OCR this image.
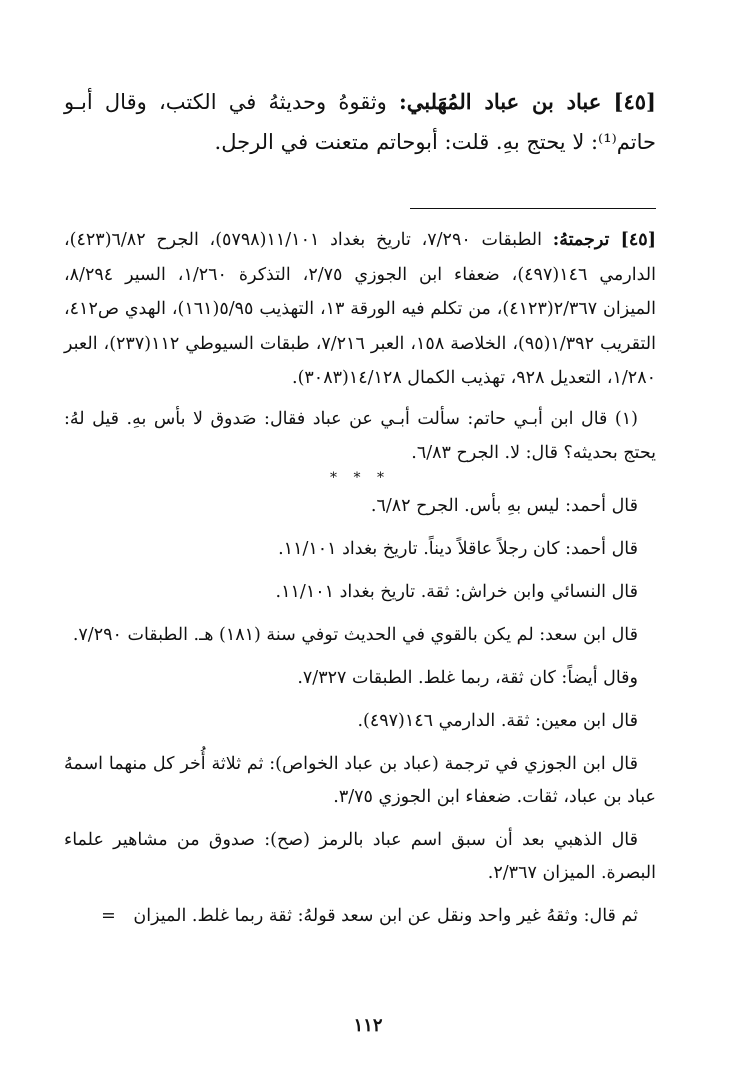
[٤٥] عباد بن عباد المُهَلبي: وثقوهُ وحديثهُ في الكتب، وقال أبـو حاتم⁽¹⁾: لا يحتج بهِ. قلت: أبوحاتم متعنت في الرجل.

[٤٥] ترجمتهُ: الطبقات ٧/٢٩٠، تاريخ بغداد ١١/١٠١(٥٧٩٨)، الجرح ٦/٨٢(٤٢٣)، الدارمي ١٤٦(٤٩٧)، ضعفاء ابن الجوزي ٢/٧٥، التذكرة ١/٢٦٠، السير ٨/٢٩٤، الميزان ٢/٣٦٧(٤١٢٣)، من تكلم فيه الورقة ١٣، التهذيب ٥/٩٥(١٦١)، الهدي ص٤١٢، التقريب ١/٣٩٢(٩٥)، الخلاصة ١٥٨، العبر ٧/٢١٦، طبقات السيوطي ١١٢(٢٣٧)، العبر ١/٢٨٠، التعديل ٩٢٨، تهذيب الكمال ١٤/١٢٨(٣٠٨٣).

(١) قال ابن أبـي حاتم: سألت أبـي عن عباد فقال: صَدوق لا بأس بهِ. قيل لهُ: يحتج بحديثه؟ قال: لا. الجرح ٦/٨٣.

* * *

قال أحمد: ليس بهِ بأس. الجرح ٦/٨٢.

قال أحمد: كان رجلاً عاقلاً ديناً. تاريخ بغداد ١١/١٠١.

قال النسائي وابن خراش: ثقة. تاريخ بغداد ١١/١٠١.

قال ابن سعد: لم يكن بالقوي في الحديث توفي سنة (١٨١) هـ. الطبقات ٧/٢٩٠.

وقال أيضاً: كان ثقة، ربما غلط. الطبقات ٧/٣٢٧.

قال ابن معين: ثقة. الدارمي ١٤٦(٤٩٧).

قال ابن الجوزي في ترجمة (عباد بن عباد الخواص): ثم ثلاثة أُخر كل منهما اسمهُ عباد بن عباد، ثقات. ضعفاء ابن الجوزي ٣/٧٥.

قال الذهبي بعد أن سبق اسم عباد بالرمز (صح): صدوق من مشاهير علماء البصرة. الميزان ٢/٣٦٧.

ثم قال: وثقهُ غير واحد ونقل عن ابن سعد قولهُ: ثقة ربما غلط. الميزان =

١١٢
